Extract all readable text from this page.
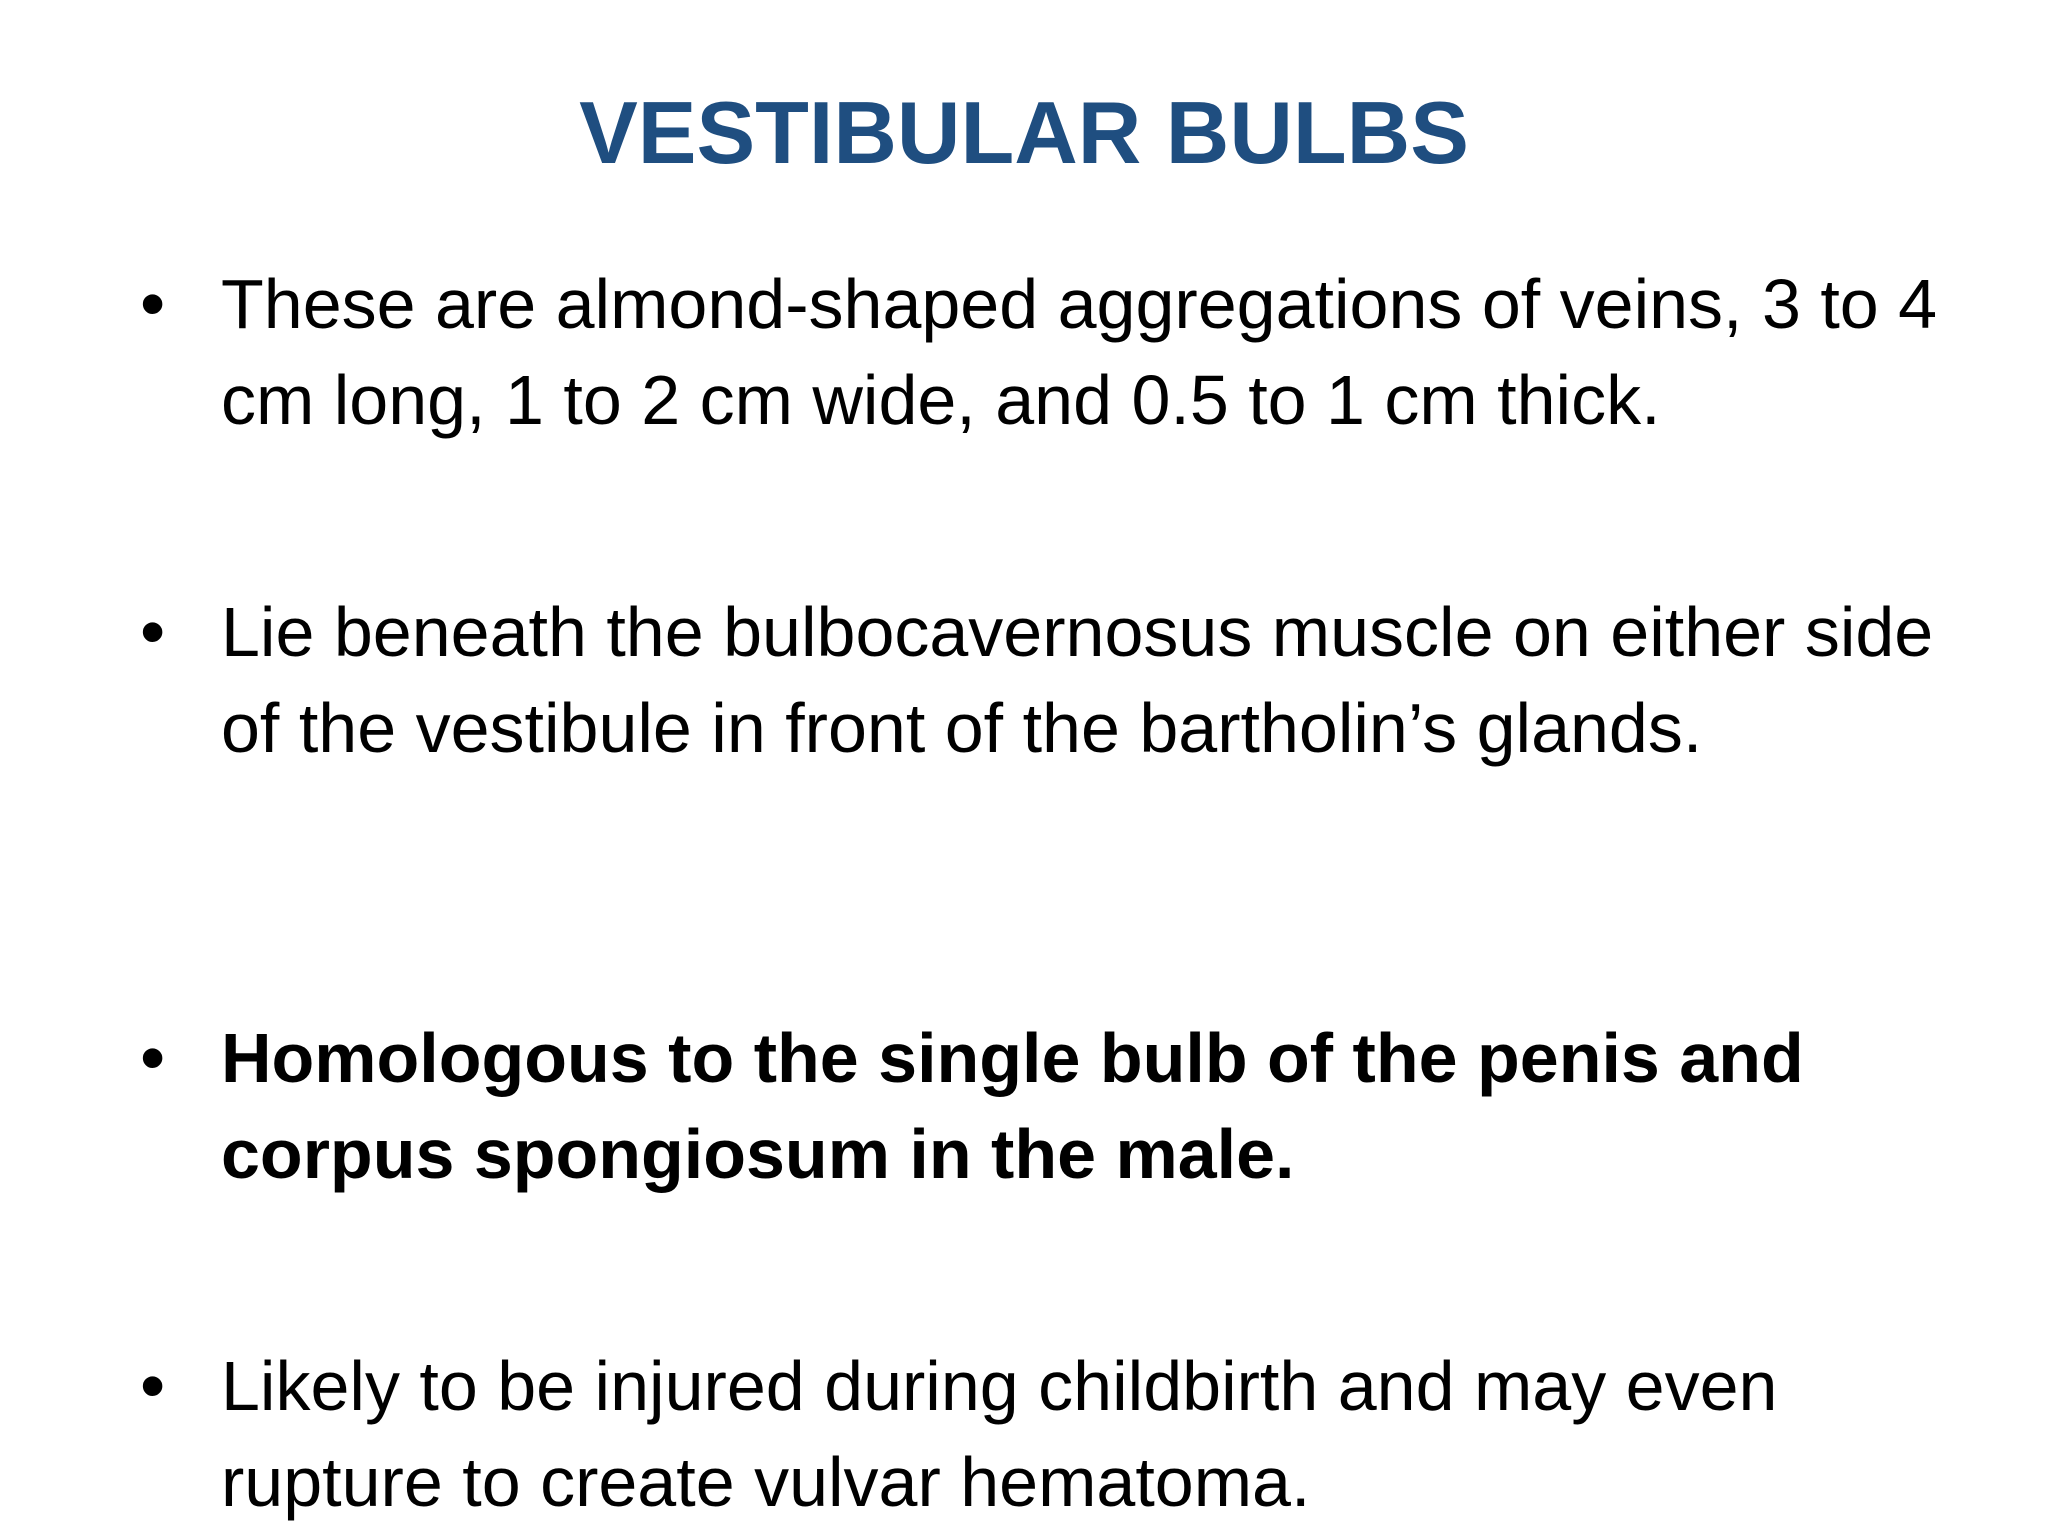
VESTIBULAR BULBS
• These are almond-shaped aggregations of veins, 3 to 4 cm long, 1 to 2 cm wide, and 0.5 to 1 cm thick.
• Lie beneath the bulbocavernosus muscle on either side of the vestibule in front of the bartholin’s glands.
• Homologous to the single bulb of the penis and corpus spongiosum in the male.
• Likely to be injured during childbirth and may even rupture to create vulvar hematoma.
